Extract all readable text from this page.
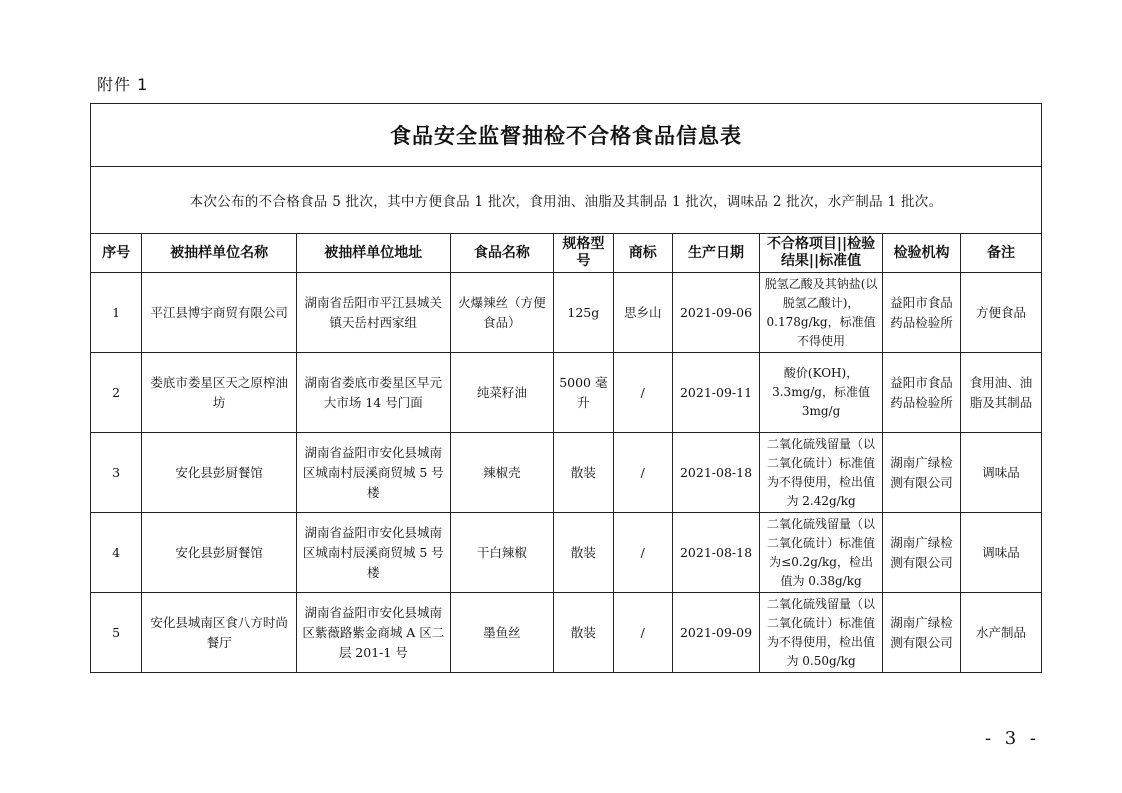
附件 1
食品安全监督抽检不合格食品信息表									
本次公布的不合格食品 5 批次，其中方便食品 1 批次，食用油、油脂及其制品 1 批次，调味品 2 批次，水产制品 1 批次。									
序号	被抽样单位名称	被抽样单位地址	食品名称	规格型号	商标	生产日期	不合格项目||检验结果||标准值	检验机构	备注
1	平江县博宇商贸有限公司	湖南省岳阳市平江县城关镇天岳村西家组	火爆辣丝（方便食品）	125g	思乡山	2021-09-06	脱氢乙酸及其钠盐(以脱氢乙酸计)，0.178g/kg，标准值不得使用	益阳市食品药品检验所	方便食品
2	娄底市娄星区天之原榨油坊	湖南省娄底市娄星区早元大市场 14 号门面	纯菜籽油	5000 毫升	/	2021-09-11	酸价(KOH)，3.3mg/g，标准值3mg/g	益阳市食品药品检验所	食用油、油脂及其制品
3	安化县彭厨餐馆	湖南省益阳市安化县城南区城南村辰溪商贸城 5 号楼	辣椒壳	散装	/	2021-08-18	二氧化硫残留量（以二氧化硫计）标准值为不得使用，检出值为 2.42g/kg	湖南广绿检测有限公司	调味品
4	安化县彭厨餐馆	湖南省益阳市安化县城南区城南村辰溪商贸城 5 号楼	干白辣椒	散装	/	2021-08-18	二氧化硫残留量（以二氧化硫计）标准值为≤0.2g/kg，检出值为 0.38g/kg	湖南广绿检测有限公司	调味品
5	安化县城南区食八方时尚餐厅	湖南省益阳市安化县城南区紫薇路紫金商城 A 区二层 201-1 号	墨鱼丝	散装	/	2021-09-09	二氧化硫残留量（以二氧化硫计）标准值为不得使用，检出值为 0.50g/kg	湖南广绿检测有限公司	水产制品
- 3 -
